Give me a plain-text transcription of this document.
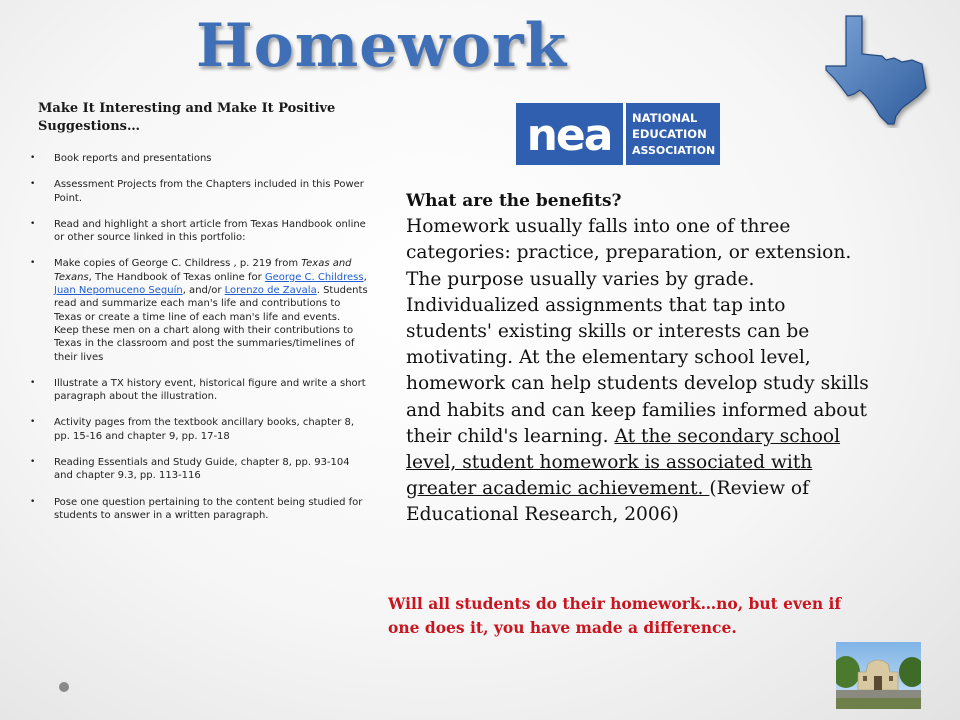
Homework
Make It Interesting and Make It Positive Suggestions…
• Book reports and presentations
• Assessment Projects from the Chapters included in this Power Point.
• Read and highlight a short article from Texas Handbook online or other source linked in this portfolio:
• Make copies of George C. Childress , p. 219 from Texas and Texans, The Handbook of Texas online for George C. Childress, Juan Nepomuceno Seguín, and/or Lorenzo de Zavala. Students read and summarize each man's life and contributions to Texas or create a time line of each man's life and events.
Keep these men on a chart along with their contributions to Texas in the classroom and post the summaries/timelines of their lives
• Illustrate a TX history event, historical figure and write a short paragraph about the illustration.
• Activity pages from the textbook ancillary books, chapter 8, pp. 15-16 and chapter 9, pp. 17-18
• Reading Essentials and Study Guide, chapter 8, pp. 93-104 and chapter 9.3, pp. 113-116
• Pose one question pertaining to the content being studied for students to answer in a written paragraph.
nea NATIONAL
EDUCATION
ASSOCIATION
What are the benefits?
Homework usually falls into one of three categories: practice, preparation, or extension. The purpose usually varies by grade. Individualized assignments that tap into students' existing skills or interests can be motivating. At the elementary school level, homework can help students develop study skills and habits and can keep families informed about their child's learning. At the secondary school level, student homework is associated with greater academic achievement. (Review of Educational Research, 2006)
Will all students do their homework…no, but even if one does it, you have made a difference.
